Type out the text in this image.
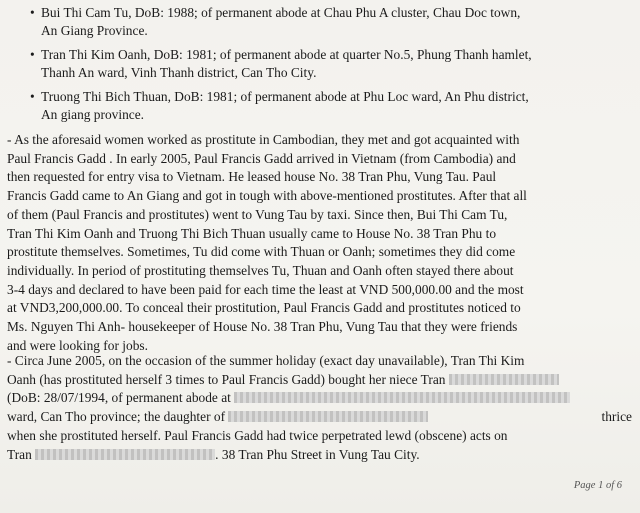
• Bui Thi Cam Tu, DoB: 1988; of permanent abode at Chau Phu A cluster, Chau Doc town,
An Giang Province.
• Tran Thi Kim Oanh, DoB: 1981; of permanent abode at quarter No.5, Phung Thanh hamlet,
Thanh An ward, Vinh Thanh district, Can Tho City.
• Truong Thi Bich Thuan, DoB: 1981; of permanent abode at Phu Loc ward, An Phu district,
An giang province.
- As the aforesaid women worked as prostitute in Cambodian, they met and got acquainted with
Paul Francis Gadd . In early 2005, Paul Francis Gadd arrived in Vietnam (from Cambodia) and
then requested for entry visa to Vietnam. He leased house No. 38 Tran Phu, Vung Tau. Paul
Francis Gadd came to An Giang and got in tough with above-mentioned prostitutes. After that all
of them (Paul Francis and prostitutes) went to Vung Tau by taxi. Since then, Bui Thi Cam Tu,
Tran Thi Kim Oanh and Truong Thi Bich Thuan usually came to House No. 38 Tran Phu to
prostitute themselves. Sometimes, Tu did come with Thuan or Oanh; sometimes they did come
individually. In period of prostituting themselves Tu, Thuan and Oanh often stayed there about
3-4 days and declared to have been paid for each time the least at VND 500,000.00 and the most
at VND3,200,000.00. To conceal their prostitution, Paul Francis Gadd and prostitutes noticed to
Ms. Nguyen Thi Anh- housekeeper of House No. 38 Tran Phu, Vung Tau that they were friends
and were looking for jobs.
- Circa June 2005, on the occasion of the summer holiday (exact day unavailable), Tran Thi Kim
Oanh (has prostituted herself 3 times to Paul Francis Gadd) bought her niece Tran
(DoB: 28/07/1994, of permanent abode at
ward, Can Tho province; the daughter of	thrice
when she prostituted herself. Paul Francis Gadd had twice perpetrated lewd (obscene) acts on
Tran	. 38 Tran Phu Street in Vung Tau City.
Page 1 of 6
